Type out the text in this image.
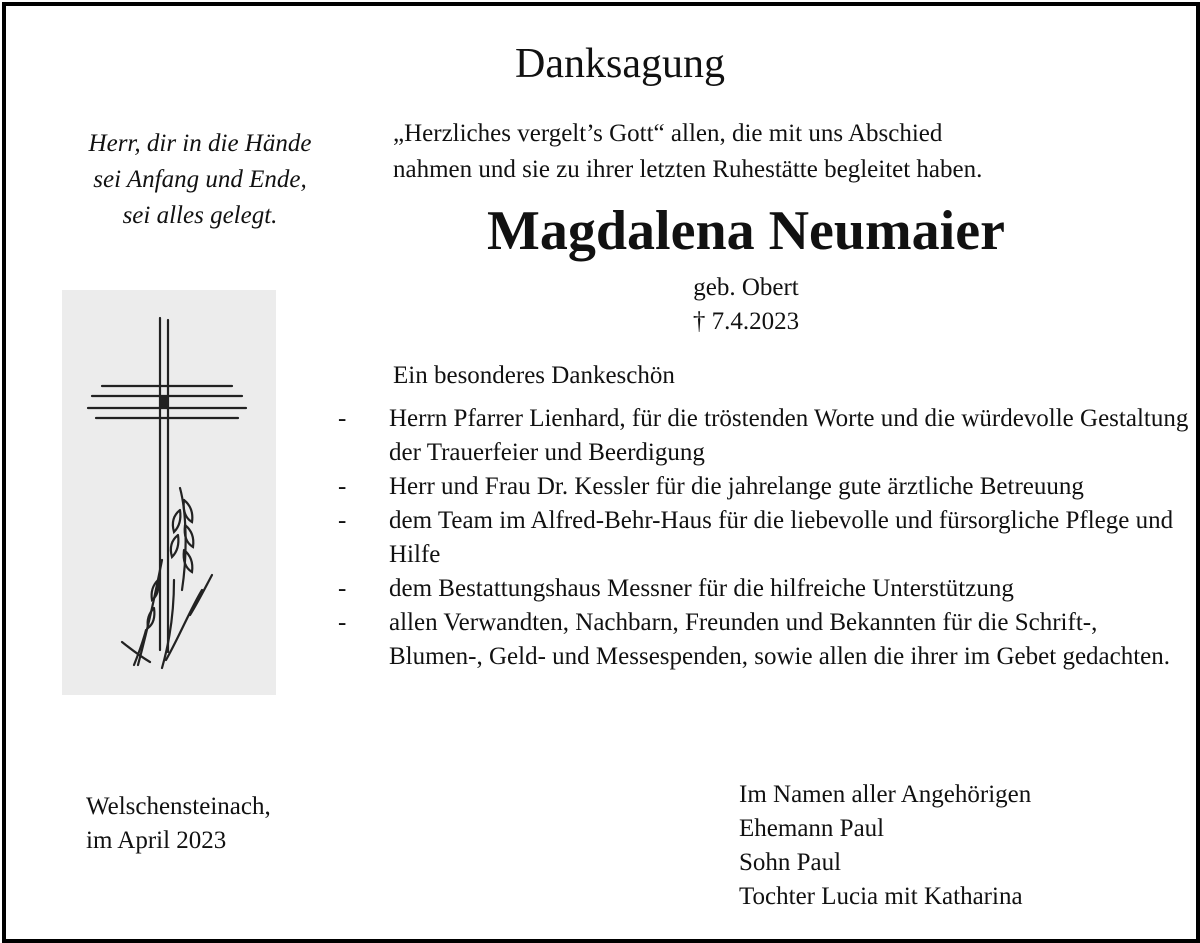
Danksagung
Herr, dir in die Hände
sei Anfang und Ende,
sei alles gelegt.
„Herzliches vergelt’s Gott“ allen, die mit uns Abschied
nahmen und sie zu ihrer letzten Ruhestätte begleitet haben.
Magdalena Neumaier
geb. Obert
† 7.4.2023
Ein besonderes Dankeschön
- Herrn Pfarrer Lienhard, für die tröstenden Worte und die würdevolle Gestaltung der Trauerfeier und Beerdigung
- Herr und Frau Dr. Kessler für die jahrelange gute ärztliche Betreuung
- dem Team im Alfred-Behr-Haus für die liebevolle und fürsorgliche Pflege und Hilfe
- dem Bestattungshaus Messner für die hilfreiche Unterstützung
- allen Verwandten, Nachbarn, Freunden und Bekannten für die Schrift-, Blumen-, Geld- und Messespenden, sowie allen die ihrer im Gebet gedachten.
Welschensteinach,
im April 2023
Im Namen aller Angehörigen
Ehemann Paul
Sohn Paul
Tochter Lucia mit Katharina
